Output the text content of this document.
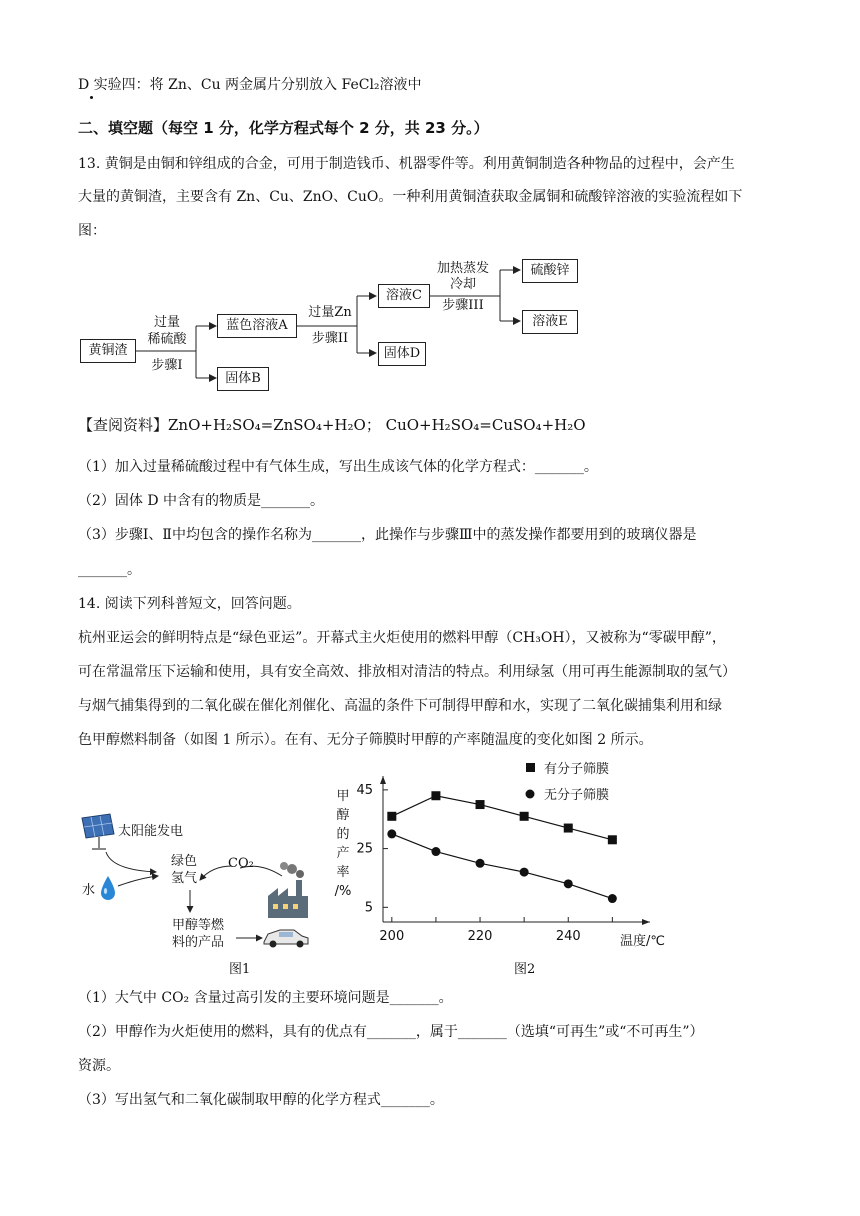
D 实验四：将 Zn、Cu 两金属片分别放入 FeCl₂溶液中
二、填空题（每空 1 分，化学方程式每个 2 分，共 23 分。）
13. 黄铜是由铜和锌组成的合金，可用于制造钱币、机器零件等。利用黄铜制造各种物品的过程中，会产生
大量的黄铜渣，主要含有 Zn、Cu、ZnO、CuO。一种利用黄铜渣获取金属铜和硫酸锌溶液的实验流程如下
图：
黄铜渣
过量
稀硫酸
步骤I
蓝色溶液A
固体B
过量Zn
步骤II
溶液C
固体D
加热蒸发
冷却
步骤III
硫酸锌
溶液E
【查阅资料】ZnO+H₂SO₄=ZnSO₄+H₂O； CuO+H₂SO₄=CuSO₄+H₂O
（1）加入过量稀硫酸过程中有气体生成，写出生成该气体的化学方程式：_______。
（2）固体 D 中含有的物质是_______。
（3）步骤Ⅰ、Ⅱ中均包含的操作名称为_______，此操作与步骤Ⅲ中的蒸发操作都要用到的玻璃仪器是
_______。
14. 阅读下列科普短文，回答问题。
杭州亚运会的鲜明特点是“绿色亚运”。开幕式主火炬使用的燃料甲醇（CH₃OH），又被称为“零碳甲醇”，
可在常温常压下运输和使用，具有安全高效、排放相对清洁的特点。利用绿氢（用可再生能源制取的氢气）
与烟气捕集得到的二氧化碳在催化剂催化、高温的条件下可制得甲醇和水，实现了二氧化碳捕集利用和绿
色甲醇燃料制备（如图 1 所示）。在有、无分子筛膜时甲醇的产率随温度的变化如图 2 所示。
太阳能发电
水
绿色
氢气
CO₂
甲醇等燃
料的产品
图1
200	220	240
5
25
45
甲
醇
的
产
率
/%
温度/℃
有分子筛膜
无分子筛膜
图2
（1）大气中 CO₂ 含量过高引发的主要环境问题是_______。
（2）甲醇作为火炬使用的燃料，具有的优点有_______，属于_______（选填“可再生”或“不可再生”）
资源。
（3）写出氢气和二氧化碳制取甲醇的化学方程式_______。
